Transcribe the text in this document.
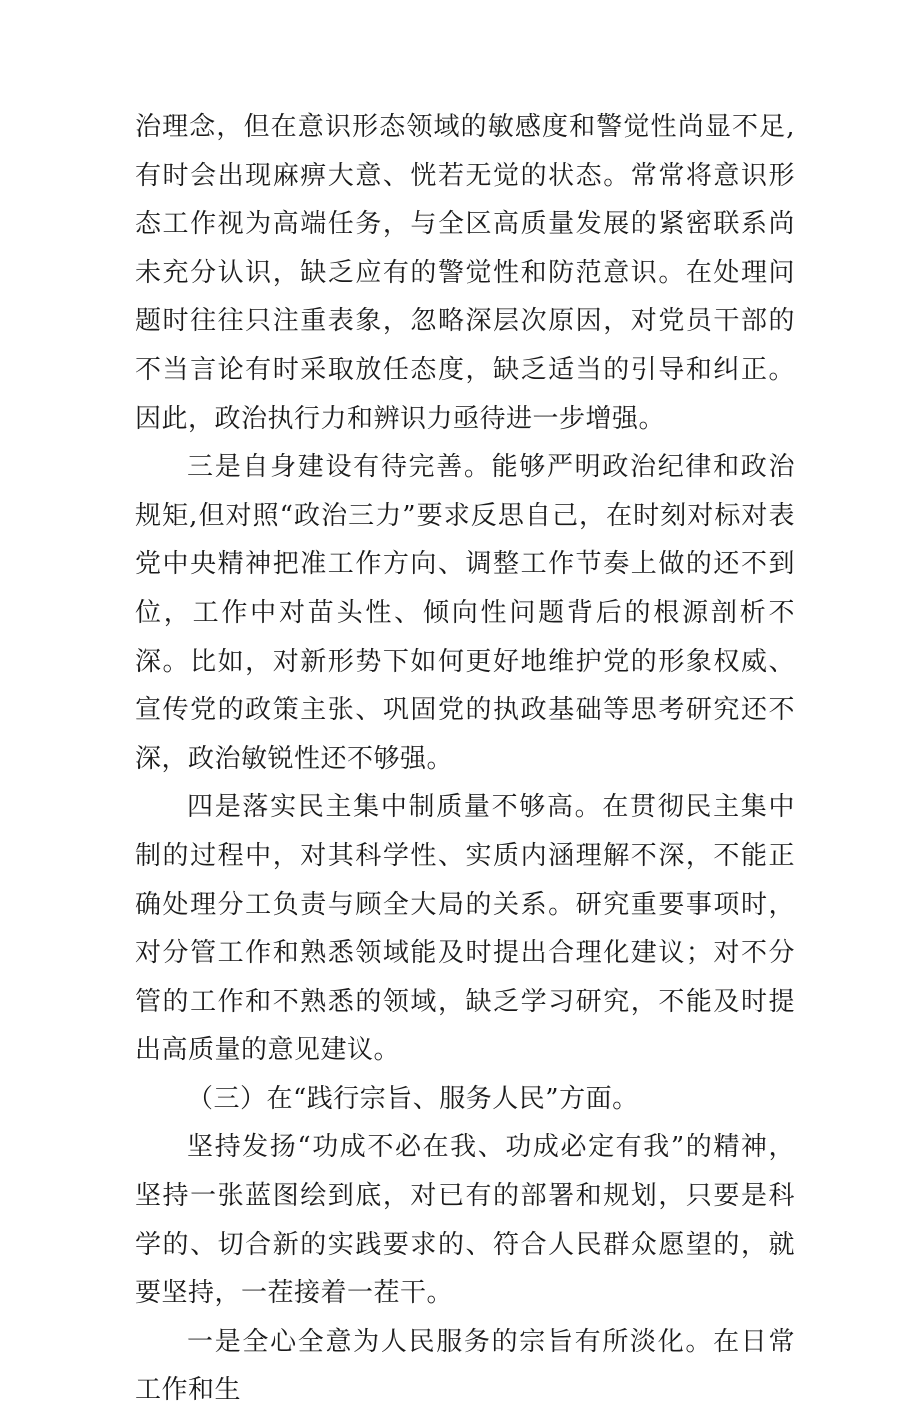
治理念，但在意识形态领域的敏感度和警觉性尚显不足,有时会出现麻痹大意、恍若无觉的状态。常常将意识形态工作视为高端任务，与全区高质量发展的紧密联系尚未充分认识，缺乏应有的警觉性和防范意识。在处理问题时往往只注重表象，忽略深层次原因，对党员干部的不当言论有时采取放任态度，缺乏适当的引导和纠正。因此，政治执行力和辨识力亟待进一步增强。

三是自身建设有待完善。能够严明政治纪律和政治规矩,但对照“政治三力”要求反思自己，在时刻对标对表党中央精神把准工作方向、调整工作节奏上做的还不到位，工作中对苗头性、倾向性问题背后的根源剖析不深。比如，对新形势下如何更好地维护党的形象权威、宣传党的政策主张、巩固党的执政基础等思考研究还不深，政治敏锐性还不够强。

四是落实民主集中制质量不够高。在贯彻民主集中制的过程中，对其科学性、实质内涵理解不深，不能正确处理分工负责与顾全大局的关系。研究重要事项时，对分管工作和熟悉领域能及时提出合理化建议；对不分管的工作和不熟悉的领域，缺乏学习研究，不能及时提出高质量的意见建议。

（三）在“践行宗旨、服务人民”方面。

坚持发扬“功成不必在我、功成必定有我”的精神，坚持一张蓝图绘到底，对已有的部署和规划，只要是科学的、切合新的实践要求的、符合人民群众愿望的，就要坚持，一茬接着一茬干。

一是全心全意为人民服务的宗旨有所淡化。在日常工作和生
